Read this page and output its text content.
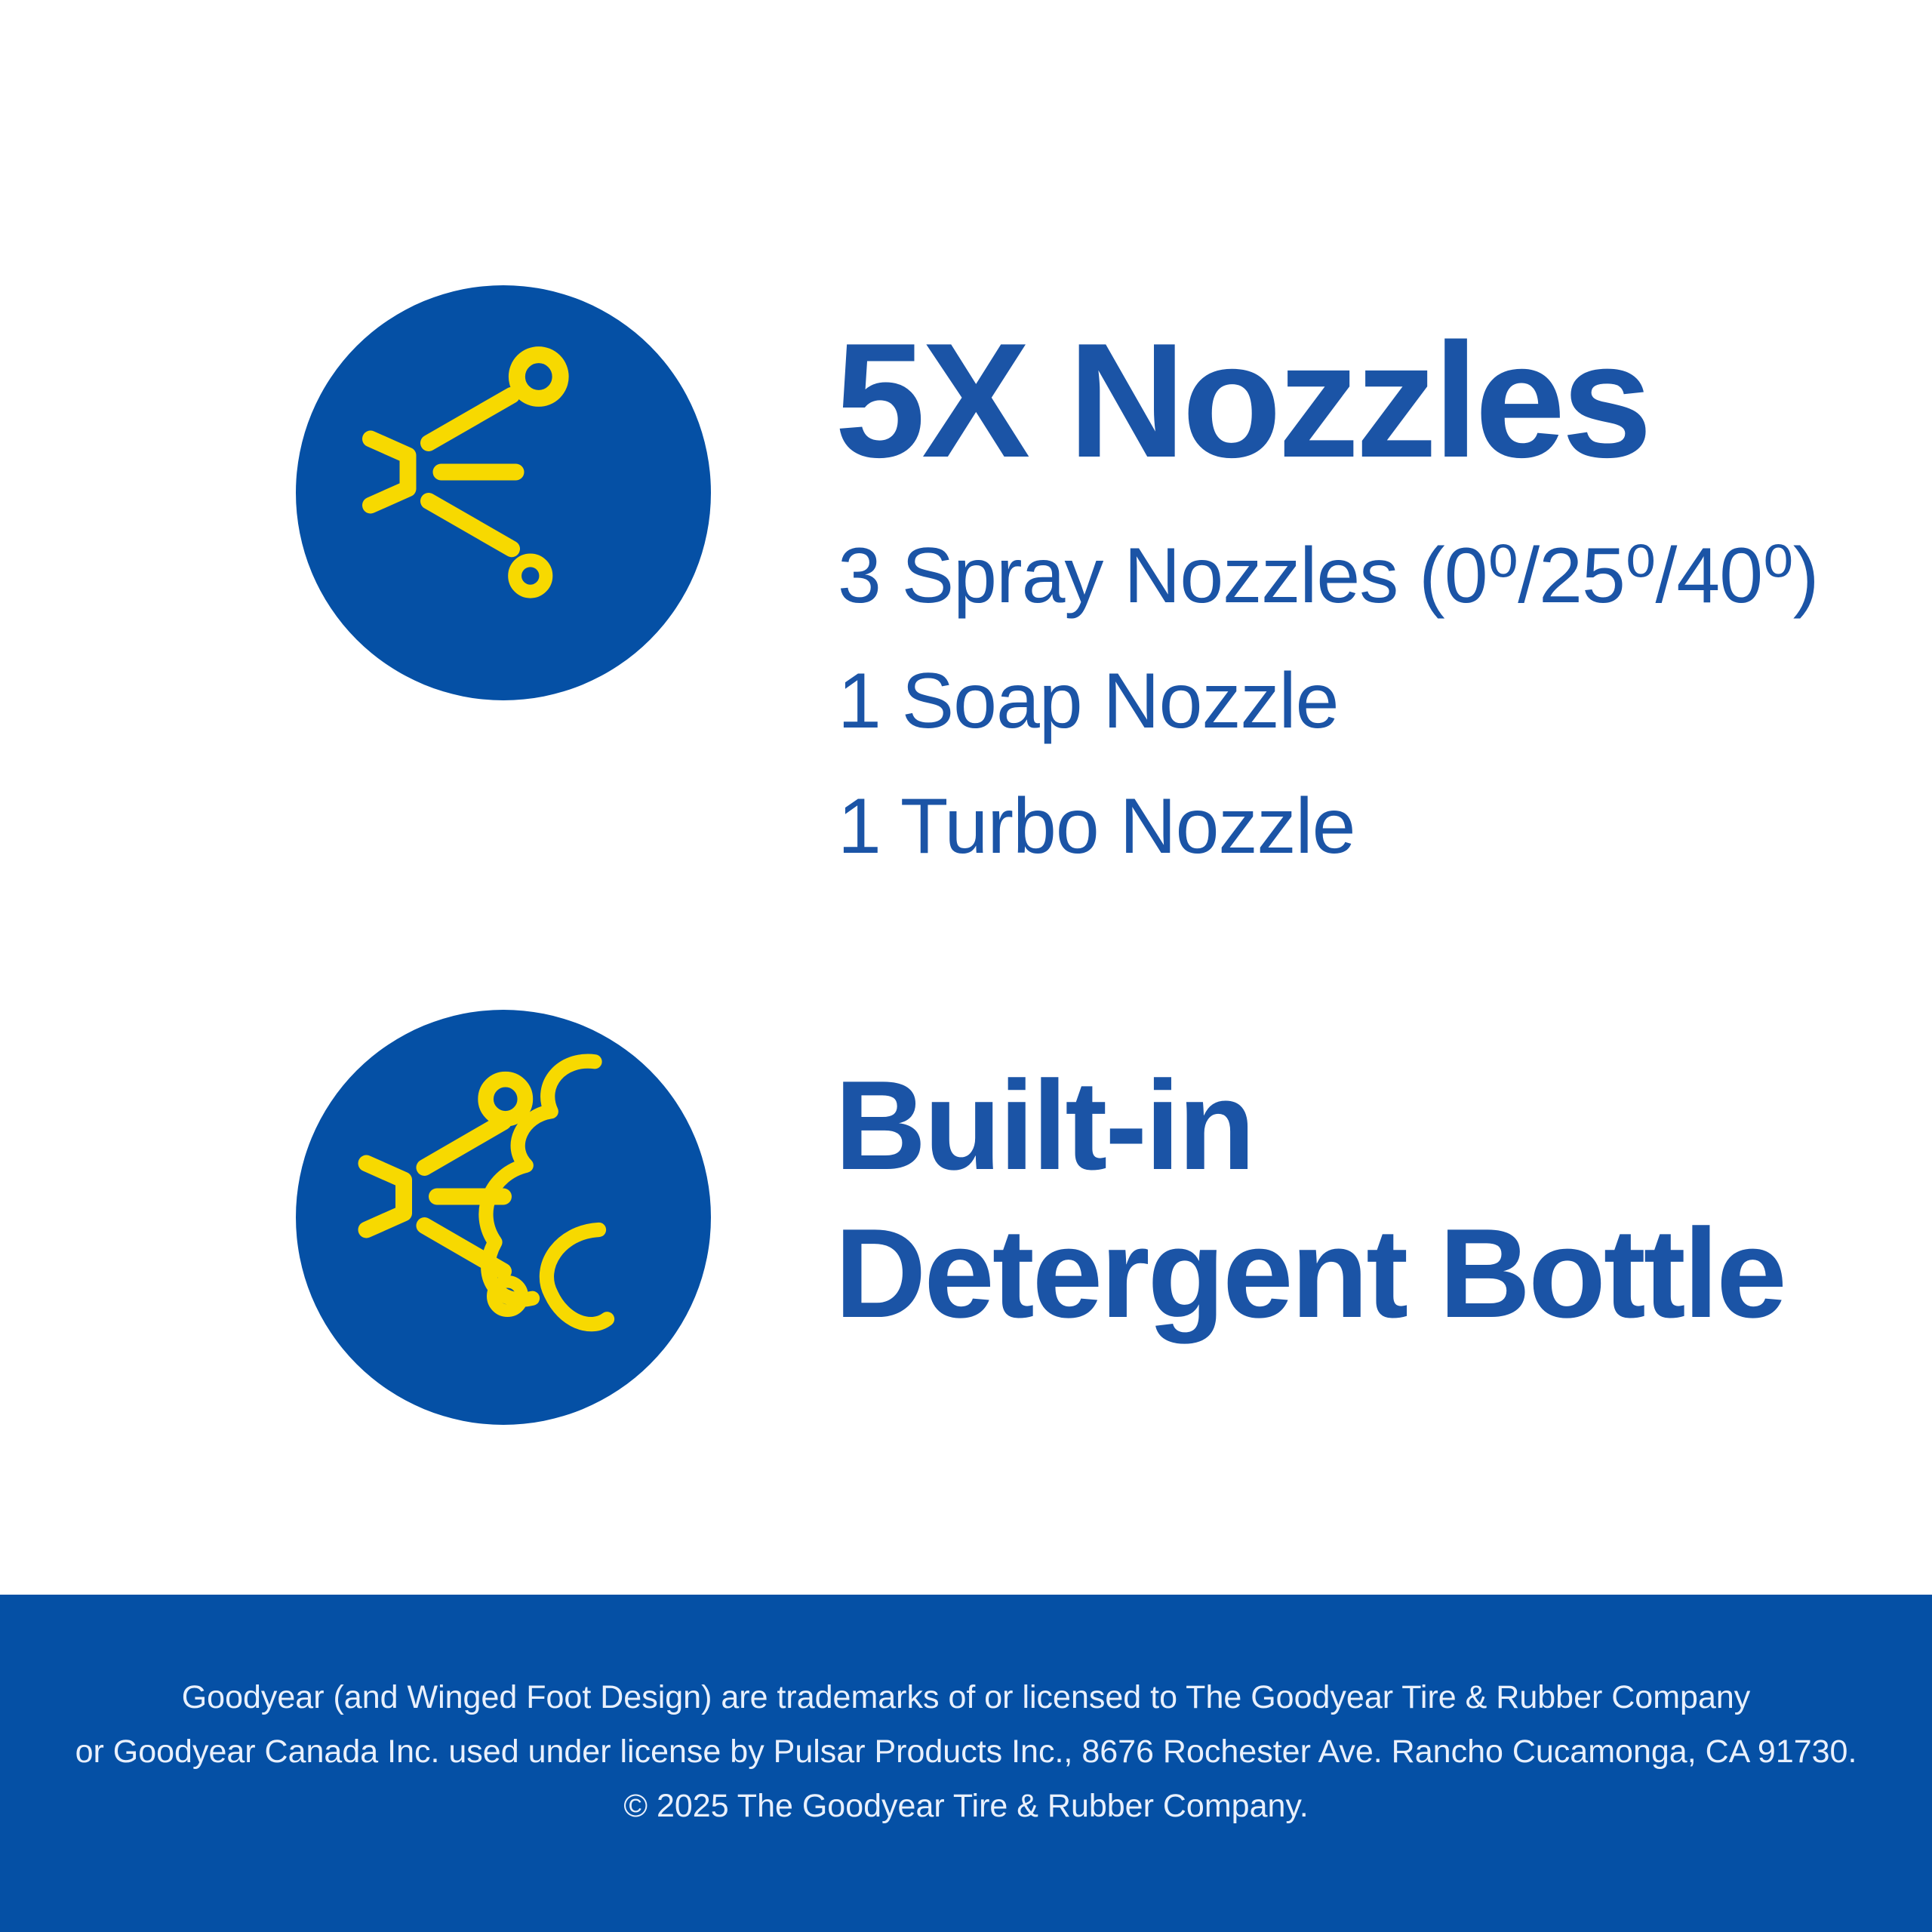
5X Nozzles

3 Spray Nozzles (0⁰/25⁰/40⁰)

1 Soap Nozzle

1 Turbo Nozzle

Built-in
Detergent Bottle

Goodyear (and Winged Foot Design) are trademarks of or licensed to The Goodyear Tire & Rubber Company

or Goodyear Canada Inc. used under license by Pulsar Products Inc., 8676 Rochester Ave. Rancho Cucamonga, CA 91730.

© 2025 The Goodyear Tire & Rubber Company.
